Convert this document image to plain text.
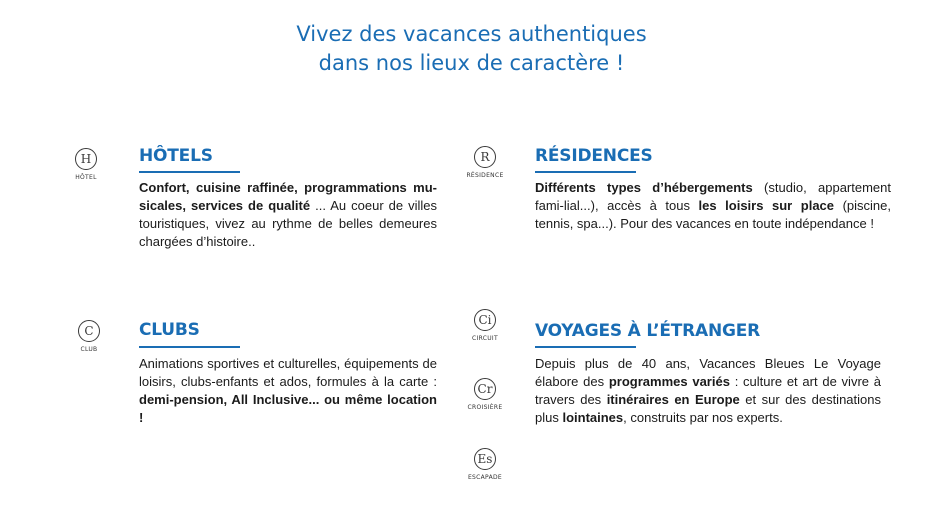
Vivez des vacances authentiques
dans nos lieux de caractère !
H
HÔTEL
HÔTELS
Confort, cuisine raffinée, programmations mu-sicales, services de qualité ... Au coeur de villes touristiques, vivez au rythme de belles demeures chargées d’histoire..
R
RÉSIDENCE
RÉSIDENCES
Différents types d’hébergements (studio, appartement fami-lial...), accès à tous les loisirs sur place (piscine, tennis, spa...). Pour des vacances en toute indépendance !
C
CLUB
CLUBS
Animations sportives et culturelles, équipements de loisirs, clubs-enfants et ados, formules à la carte : demi-pension, All Inclusive... ou même location !
Ci
CIRCUIT
Cr
CROISIÈRE
Es
ESCAPADE
VOYAGES À L’ÉTRANGER
Depuis plus de 40 ans, Vacances Bleues Le Voyage élabore des programmes variés : culture et art de vivre à travers des itinéraires en Europe et sur des destinations plus lointaines, construits par nos experts.
